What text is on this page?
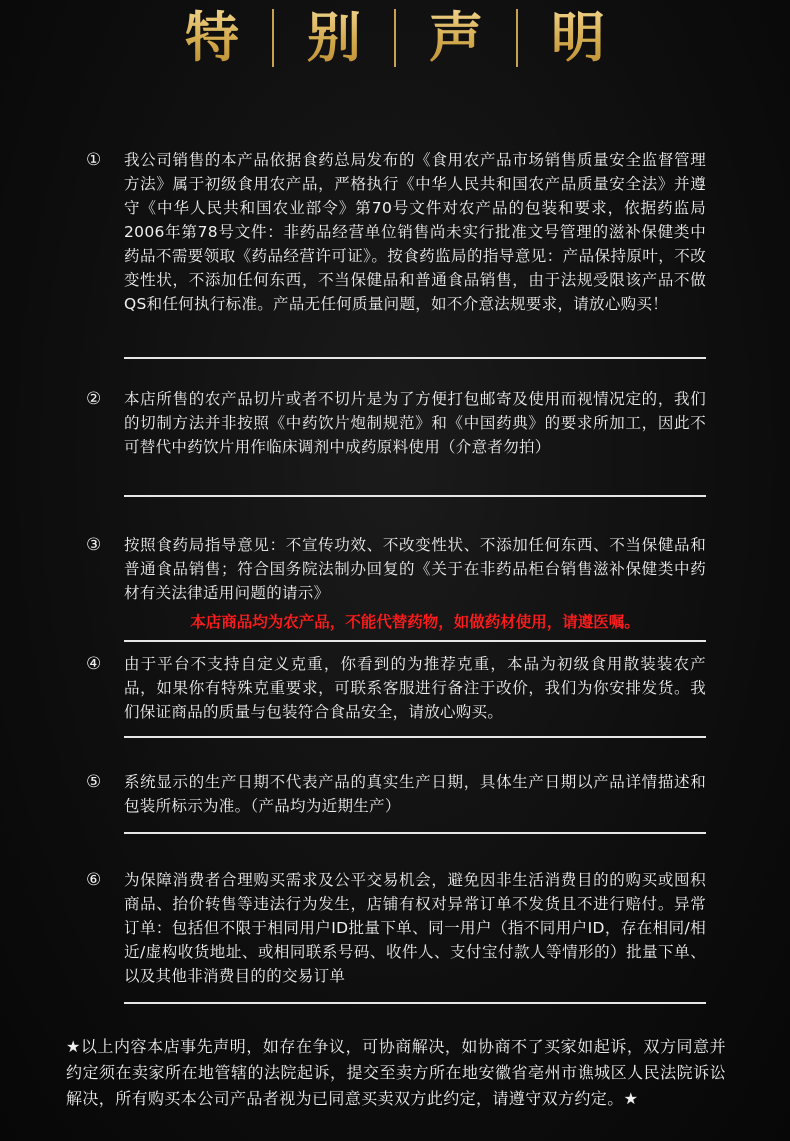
特	别	声	明
① 我公司销售的本产品依据食药总局发布的《食用农产品市场销售质量安全监督管理方法》属于初级食用农产品，严格执行《中华人民共和国农产品质量安全法》并遵守《中华人民共和国农业部令》第70号文件对农产品的包装和要求，依据药监局2006年第78号文件：非药品经营单位销售尚未实行批准文号管理的滋补保健类中药品不需要领取《药品经营许可证》。按食药监局的指导意见：产品保持原叶，不改变性状，不添加任何东西，不当保健品和普通食品销售，由于法规受限该产品不做QS和任何执行标准。产品无任何质量问题，如不介意法规要求，请放心购买！
② 本店所售的农产品切片或者不切片是为了方便打包邮寄及使用而视情况定的，我们的切制方法并非按照《中药饮片炮制规范》和《中国药典》的要求所加工，因此不可替代中药饮片用作临床调剂中成药原料使用（介意者勿拍）
③ 按照食药局指导意见：不宣传功效、不改变性状、不添加任何东西、不当保健品和普通食品销售；符合国务院法制办回复的《关于在非药品柜台销售滋补保健类中药材有关法律适用问题的请示》
本店商品均为农产品，不能代替药物，如做药材使用，请遵医嘱。
④ 由于平台不支持自定义克重，你看到的为推荐克重，本品为初级食用散装装农产品，如果你有特殊克重要求，可联系客服进行备注于改价，我们为你安排发货。我们保证商品的质量与包装符合食品安全，请放心购买。
⑤ 系统显示的生产日期不代表产品的真实生产日期，具体生产日期以产品详情描述和包装所标示为准。（产品均为近期生产）
⑥ 为保障消费者合理购买需求及公平交易机会，避免因非生活消费目的的购买或囤积商品、抬价转售等违法行为发生，店铺有权对异常订单不发货且不进行赔付。异常订单：包括但不限于相同用户ID批量下单、同一用户（指不同用户ID，存在相同/相近/虚构收货地址、或相同联系号码、收件人、支付宝付款人等情形的）批量下单、以及其他非消费目的的交易订单
★以上内容本店事先声明，如存在争议，可协商解决，如协商不了买家如起诉，双方同意并约定须在卖家所在地管辖的法院起诉，提交至卖方所在地安徽省亳州市谯城区人民法院诉讼解决，所有购买本公司产品者视为已同意买卖双方此约定，请遵守双方约定。★
